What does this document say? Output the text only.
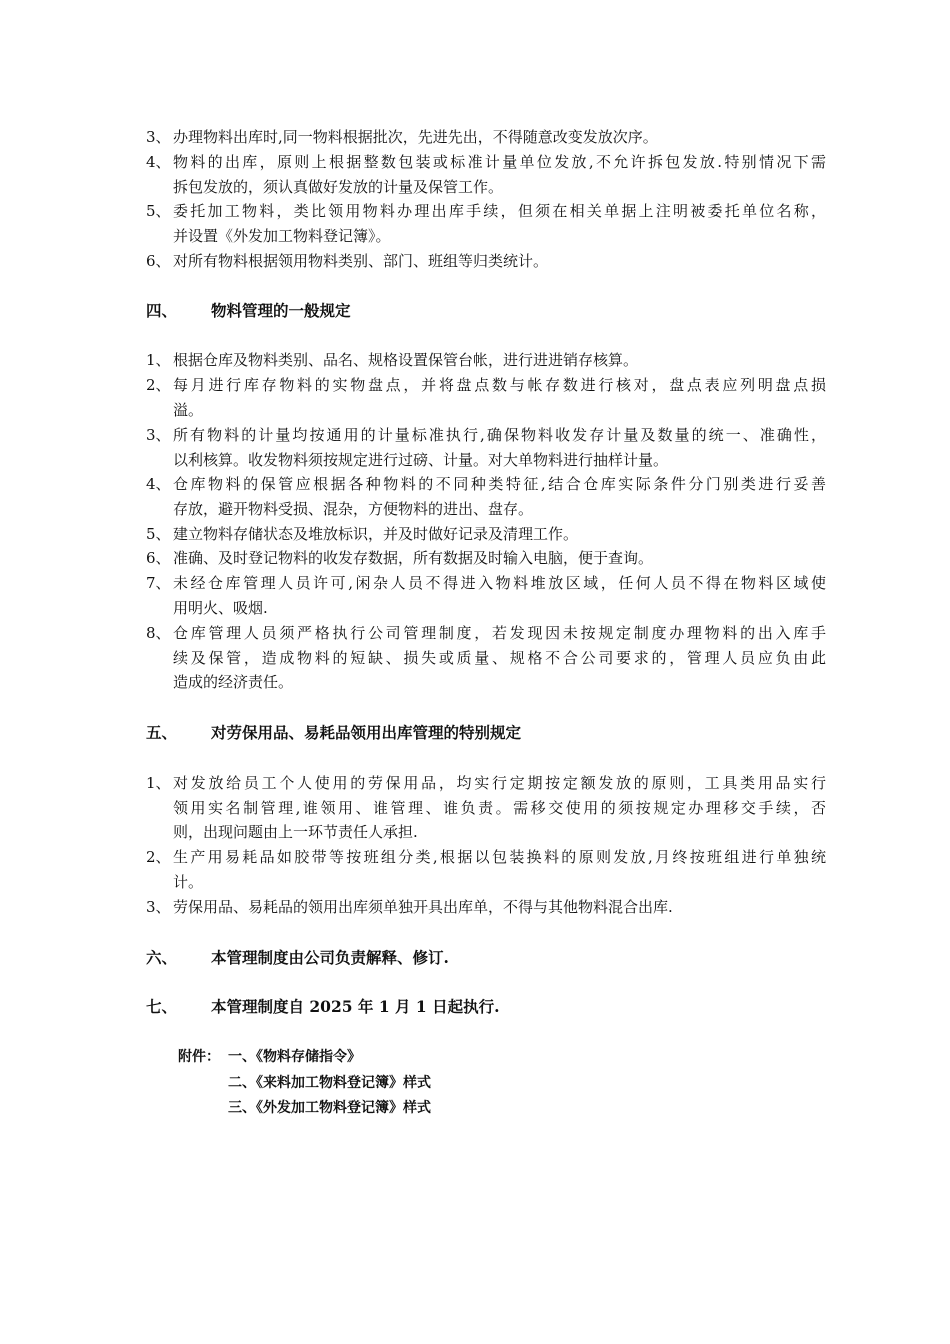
3、 办理物料出库时,同一物料根据批次，先进先出，不得随意改变发放次序。
4、 物料的出库，原则上根据整数包装或标准计量单位发放,不允许拆包发放.特别情况下需
拆包发放的，须认真做好发放的计量及保管工作。
5、 委托加工物料，类比领用物料办理出库手续，但须在相关单据上注明被委托单位名称，
并设置《外发加工物料登记簿》。
6、 对所有物料根据领用物料类别、部门、班组等归类统计。
四、 物料管理的一般规定
1、 根据仓库及物料类别、品名、规格设置保管台帐，进行进进销存核算。
2、 每月进行库存物料的实物盘点，并将盘点数与帐存数进行核对，盘点表应列明盘点损
溢。
3、 所有物料的计量均按通用的计量标准执行,确保物料收发存计量及数量的统一、准确性，
以利核算。收发物料须按规定进行过磅、计量。对大单物料进行抽样计量。
4、 仓库物料的保管应根据各种物料的不同种类特征,结合仓库实际条件分门别类进行妥善
存放，避开物料受损、混杂，方便物料的进出、盘存。
5、 建立物料存储状态及堆放标识，并及时做好记录及清理工作。
6、 准确、及时登记物料的收发存数据，所有数据及时输入电脑，便于查询。
7、 未经仓库管理人员许可,闲杂人员不得进入物料堆放区域，任何人员不得在物料区域使
用明火、吸烟.
8、 仓库管理人员须严格执行公司管理制度，若发现因未按规定制度办理物料的出入库手
续及保管，造成物料的短缺、损失或质量、规格不合公司要求的，管理人员应负由此
造成的经济责任。
五、 对劳保用品、易耗品领用出库管理的特别规定
1、 对发放给员工个人使用的劳保用品，均实行定期按定额发放的原则，工具类用品实行
领用实名制管理,谁领用、谁管理、谁负责。需移交使用的须按规定办理移交手续，否
则，出现问题由上一环节责任人承担.
2、 生产用易耗品如胶带等按班组分类,根据以包装换料的原则发放,月终按班组进行单独统
计。
3、 劳保用品、易耗品的领用出库须单独开具出库单，不得与其他物料混合出库.
六、 本管理制度由公司负责解释、修订.
七、 本管理制度自 2025 年 1 月 1 日起执行.
附件： 一、《物料存储指令》
二、《来料加工物料登记簿》样式
三、《外发加工物料登记簿》样式
